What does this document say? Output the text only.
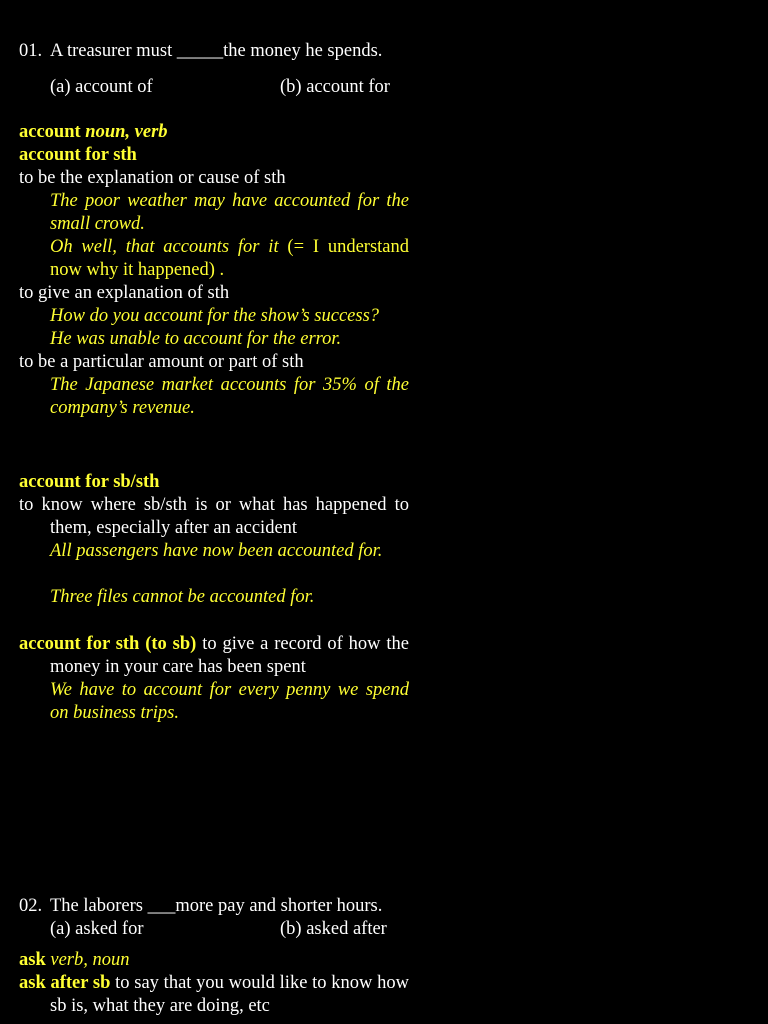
01. A treasurer must _____the money he spends.
(a) account of	(b) account for
account noun, verb
account for sth
to be the explanation or cause of sth
The poor weather may have accounted for the small crowd.
Oh well, that accounts for it (= I understand now why it happened) .
to give an explanation of sth
How do you account for the show’s success?
He was unable to account for the error.
to be a particular amount or part of sth
The Japanese market accounts for 35% of the company’s revenue.
account for sb/sth
to know where sb/sth is or what has happened to them, especially after an accident
All passengers have now been accounted for.
Three files cannot be accounted for.
account for sth (to sb) to give a record of how the money in your care has been spent
We have to account for every penny we spend on business trips.
02. The laborers ___more pay and shorter hours.
(a) asked for	(b) asked after
ask verb, noun
ask after sb to say that you would like to know how sb is, what they are doing, etc
